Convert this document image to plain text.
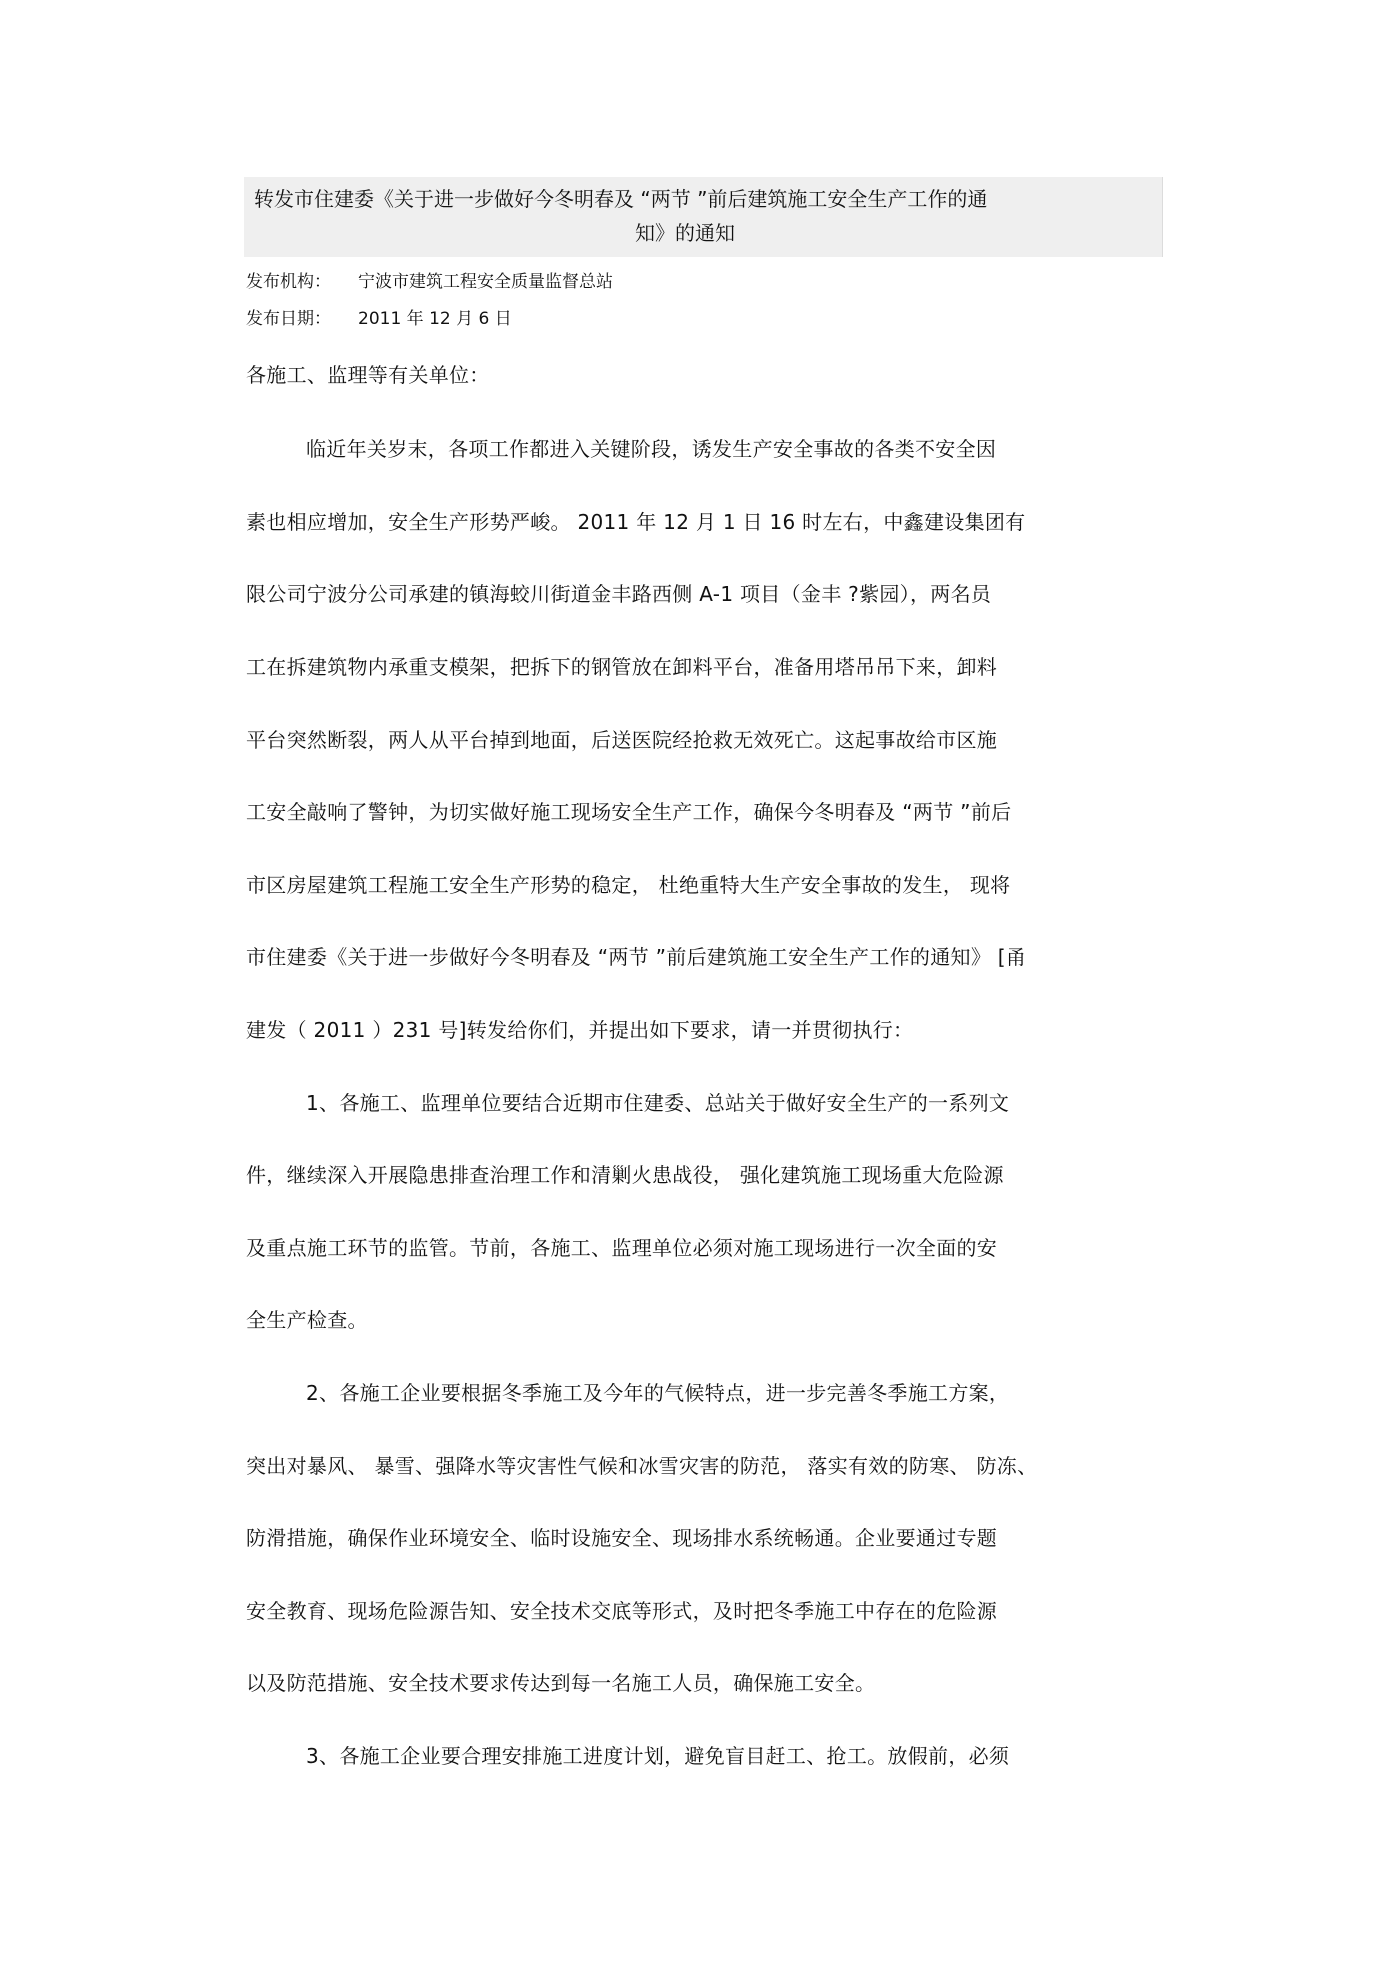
转发市住建委《关于进一步做好今冬明春及 “两节 ”前后建筑施工安全生产工作的通
知》的通知
发布机构： 宁波市建筑工程安全质量监督总站
发布日期： 2011 年 12 月 6 日
各施工、监理等有关单位：
临近年关岁末，各项工作都进入关键阶段，诱发生产安全事故的各类不安全因
素也相应增加，安全生产形势严峻。 2011 年 12 月 1 日 16 时左右，中鑫建设集团有
限公司宁波分公司承建的镇海蛟川街道金丰路西侧 A-1 项目（金丰 ?紫园），两名员
工在拆建筑物内承重支模架，把拆下的钢管放在卸料平台，准备用塔吊吊下来，卸料
平台突然断裂，两人从平台掉到地面，后送医院经抢救无效死亡。这起事故给市区施
工安全敲响了警钟，为切实做好施工现场安全生产工作，确保今冬明春及 “两节 ”前后
市区房屋建筑工程施工安全生产形势的稳定， 杜绝重特大生产安全事故的发生， 现将
市住建委《关于进一步做好今冬明春及 “两节 ”前后建筑施工安全生产工作的通知》 [甬
建发（ 2011 ）231 号]转发给你们，并提出如下要求，请一并贯彻执行：
1、各施工、监理单位要结合近期市住建委、总站关于做好安全生产的一系列文
件，继续深入开展隐患排查治理工作和清剿火患战役， 强化建筑施工现场重大危险源
及重点施工环节的监管。节前，各施工、监理单位必须对施工现场进行一次全面的安
全生产检查。
2、各施工企业要根据冬季施工及今年的气候特点，进一步完善冬季施工方案，
突出对暴风、 暴雪、强降水等灾害性气候和冰雪灾害的防范， 落实有效的防寒、 防冻、
防滑措施，确保作业环境安全、临时设施安全、现场排水系统畅通。企业要通过专题
安全教育、现场危险源告知、安全技术交底等形式，及时把冬季施工中存在的危险源
以及防范措施、安全技术要求传达到每一名施工人员，确保施工安全。
3、各施工企业要合理安排施工进度计划，避免盲目赶工、抢工。放假前，必须
